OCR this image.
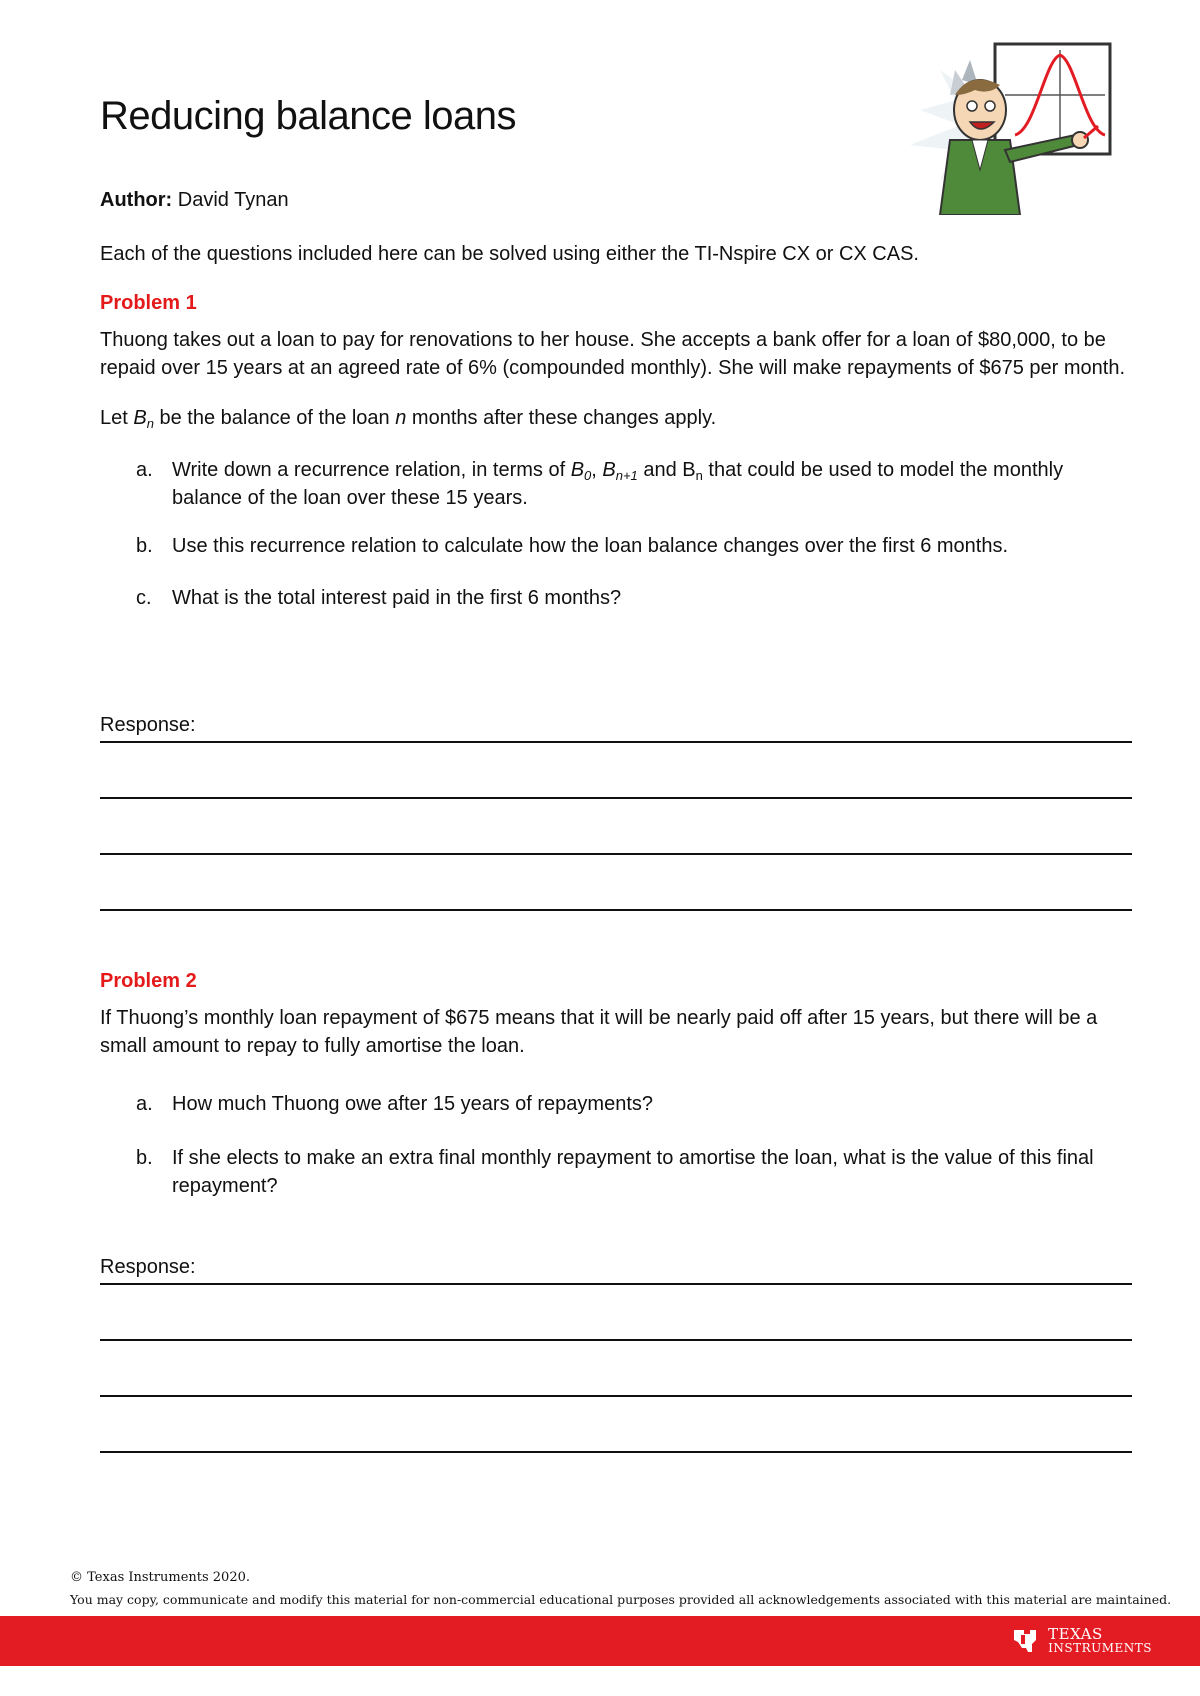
Reducing balance loans

Author: David Tynan

Each of the questions included here can be solved using either the TI-Nspire CX or CX CAS.

Problem 1

Thuong takes out a loan to pay for renovations to her house. She accepts a bank offer for a loan of $80,000, to be repaid over 15 years at an agreed rate of 6% (compounded monthly). She will make repayments of $675 per month.

Let $B_n$ be the balance of the loan n months after these changes apply.

a. Write down a recurrence relation, in terms of $B_0$, $B_{n+1}$ and $B_n$ that could be used to model the monthly balance of the loan over these 15 years.
b. Use this recurrence relation to calculate how the loan balance changes over the first 6 months.
c. What is the total interest paid in the first 6 months?
Response:
Problem 2

If Thuong’s monthly loan repayment of $675 means that it will be nearly paid off after 15 years, but there will be a small amount to repay to fully amortise the loan.

a. How much Thuong owe after 15 years of repayments?
b. If she elects to make an extra final monthly repayment to amortise the loan, what is the value of this final repayment?
Response:
© Texas Instruments 2020.
You may copy, communicate and modify this material for non-commercial educational purposes provided all acknowledgements associated with this material are maintained.
TEXAS
INSTRUMENTS
